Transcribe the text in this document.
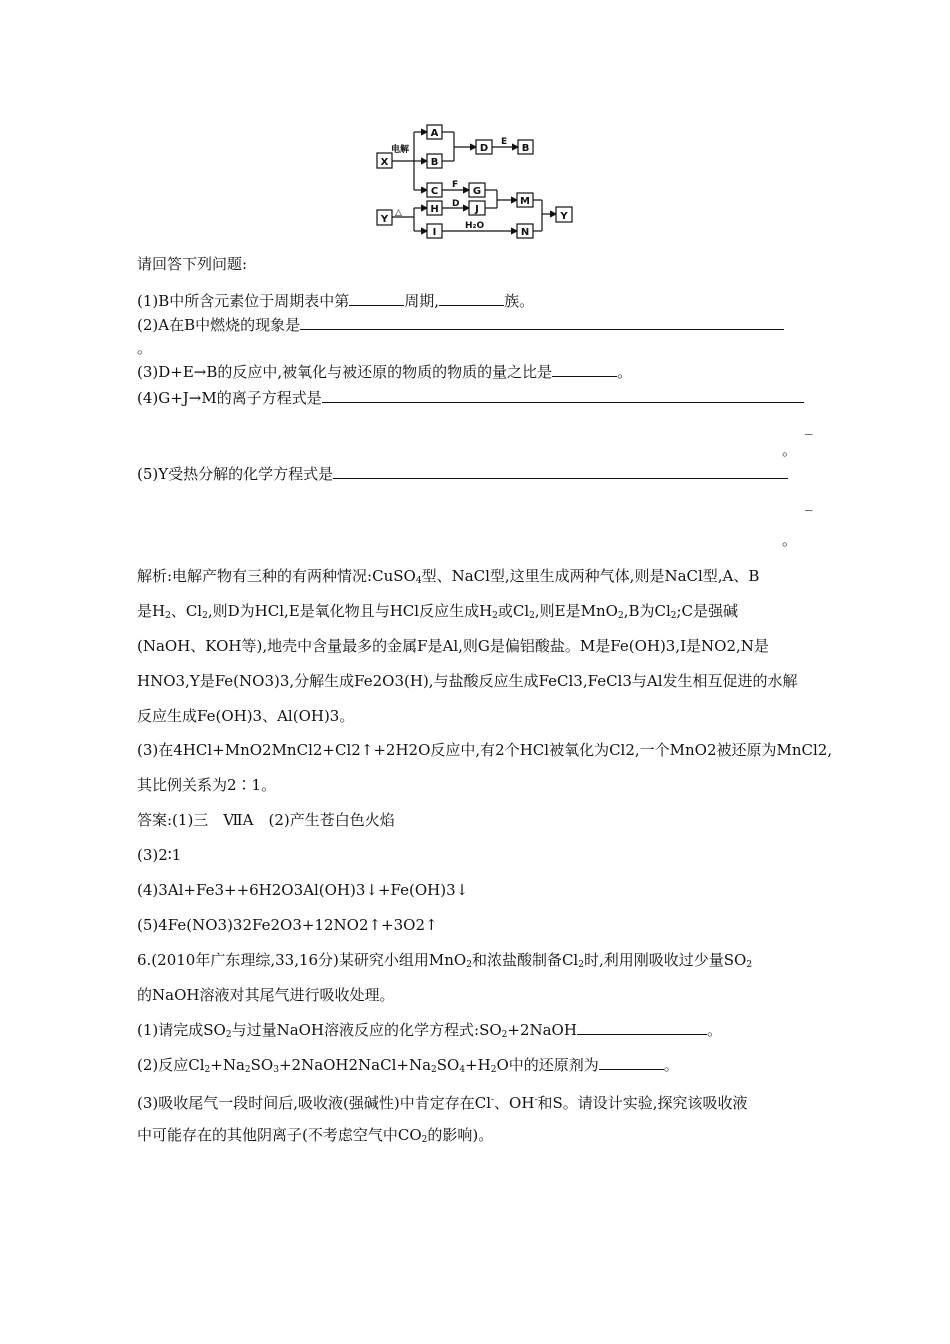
X
A
B
D	B
C	G
M
Y
Y
H	J
I	N
电解
E
F
D
△
H₂O
请回答下列问题:
(1)B中所含元素位于周期表中第	周期,	族。
(2)A在B中燃烧的现象是
。
(3)D+E→B的反应中,被氧化与被还原的物质的物质的量之比是	。
(4)G+J→M的离子方程式是
_
。
(5)Y受热分解的化学方程式是
_
。
解析:电解产物有三种的有两种情况:CuSO$_4$型、NaCl型,这里生成两种气体,则是NaCl型,A、B
是$H_2$、$Cl_2$,则D为HCl,E是氧化物且与HCl反应生成$H_2$或$Cl_2$,则E是MnO$_2$,B为$Cl_2;C$是强碱
(NaOH、KOH等),地壳中含量最多的金属F是Al,则G是偏铝酸盐。M是Fe(OH)3,I是NO2,N是
HNO3,Y是Fe(NO3)3,分解生成Fe2O3(H),与盐酸反应生成FeCl3,FeCl3与Al发生相互促进的水解
反应生成Fe(OH)3、Al(OH)3。
(3)在4HCl+MnO2MnCl2+Cl2↑+2H2O反应中,有2个HCl被氧化为Cl2,一个MnO2被还原为MnCl2,
其比例关系为2∶1。
答案:(1)三　ⅦA　(2)产生苍白色火焰
(3)2∶1
(4)3Al+Fe3++6H2O3Al(OH)3↓+Fe(OH)3↓
(5)4Fe(NO3)32Fe2O3+12NO2↑+3O2↑
6.(2010年广东理综,33,16分)某研究小组用MnO$_2$和浓盐酸制备$Cl_2$时,利用刚吸收过少量$SO_2$
的NaOH溶液对其尾气进行吸收处理。
(1)请完成$SO_2$与过量NaOH溶液反应的化学方程式$:SO_2+2NaOH$	。
(2)反应$Cl_2+Na_2SO_3+2NaOH2NaCl+Na_2SO_4+H_2O$中的还原剂为	。
(3)吸收尾气一段时间后,吸收液(强碱性)中肯定存在Cl-、OH-和S。请设计实验,探究该吸收液
中可能存在的其他阴离子(不考虑空气中$CO_2$的影响)。
